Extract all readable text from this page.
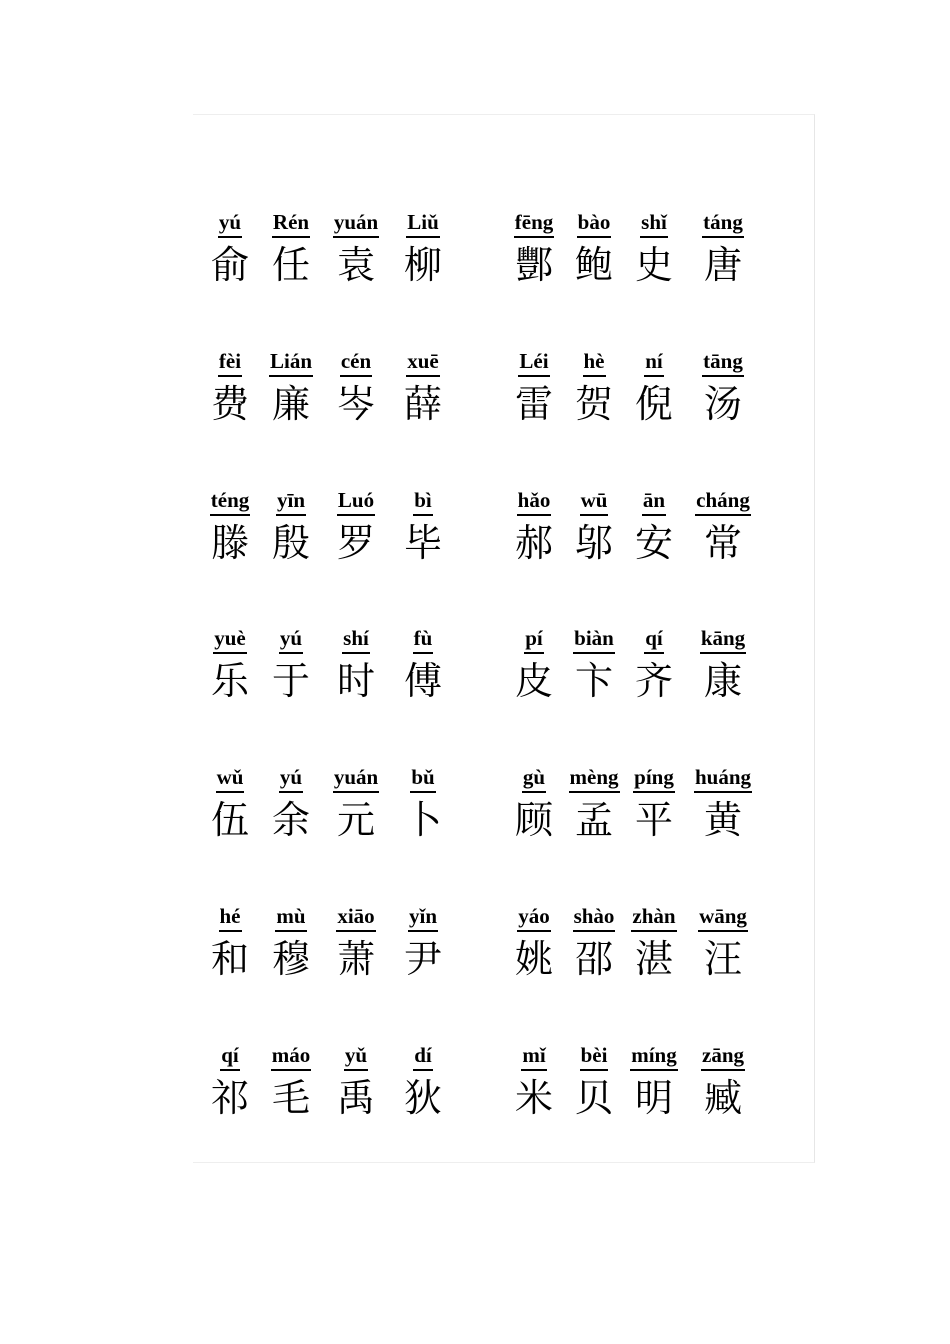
yú
俞
Rén
任
yuán
袁
Liǔ
柳
fēng
酆
bào
鲍
shǐ
史
táng
唐
fèi
费
Lián
廉
cén
岑
xuē
薛
Léi
雷
hè
贺
ní
倪
tāng
汤
téng
滕
yīn
殷
Luó
罗
bì
毕
hǎo
郝
wū
邬
ān
安
cháng
常
yuè
乐
yú
于
shí
时
fù
傅
pí
皮
biàn
卞
qí
齐
kāng
康
wǔ
伍
yú
余
yuán
元
bǔ
卜
gù
顾
mèng
孟
píng
平
huáng
黄
hé
和
mù
穆
xiāo
萧
yǐn
尹
yáo
姚
shào
邵
zhàn
湛
wāng
汪
qí
祁
máo
毛
yǔ
禹
dí
狄
mǐ
米
bèi
贝
míng
明
zāng
臧
